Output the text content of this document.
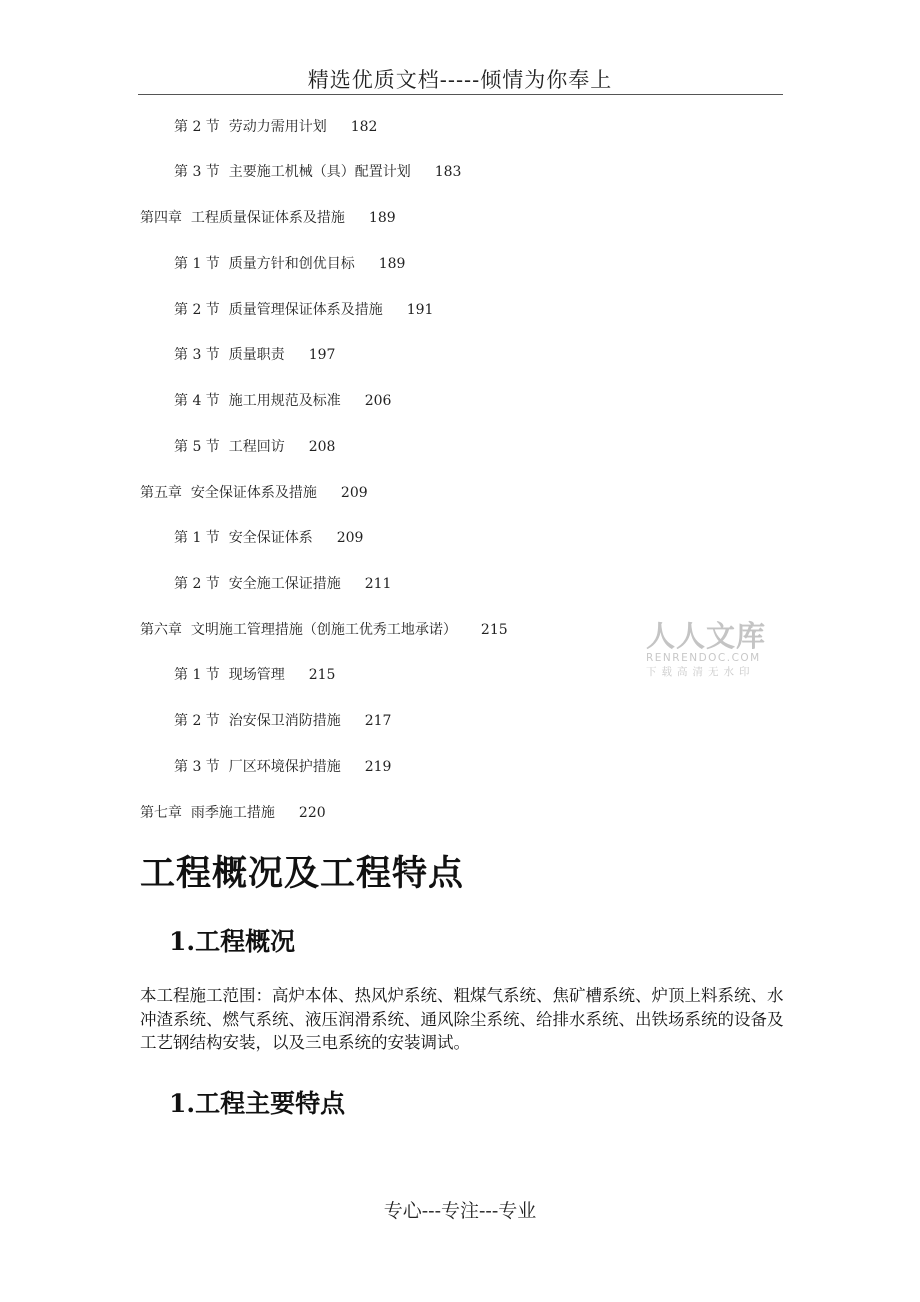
精选优质文档-----倾情为你奉上
第 2 节  劳动力需用计划 182
第 3 节  主要施工机械（具）配置计划 183
第四章  工程质量保证体系及措施 189
第 1 节  质量方针和创优目标 189
第 2 节  质量管理保证体系及措施 191
第 3 节  质量职责 197
第 4 节  施工用规范及标准 206
第 5 节  工程回访 208
第五章  安全保证体系及措施 209
第 1 节  安全保证体系 209
第 2 节  安全施工保证措施 211
第六章  文明施工管理措施（创施工优秀工地承诺） 215
第 1 节  现场管理 215
第 2 节  治安保卫消防措施 217
第 3 节  厂区环境保护措施 219
第七章  雨季施工措施 220
人人文库
RENRENDOC.COM
下载高清无水印
工程概况及工程特点
1.工程概况
本工程施工范围：高炉本体、热风炉系统、粗煤气系统、焦矿槽系统、炉顶上料系统、水冲渣系统、燃气系统、液压润滑系统、通风除尘系统、给排水系统、出铁场系统的设备及工艺钢结构安装，以及三电系统的安装调试。
1.工程主要特点
专心---专注---专业
